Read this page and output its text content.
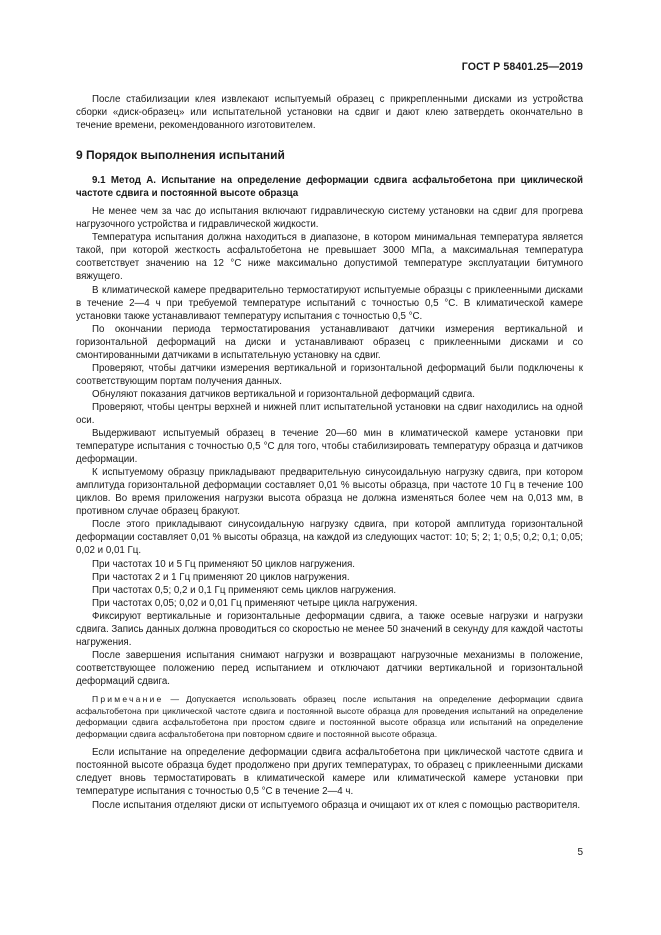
ГОСТ Р 58401.25—2019

После стабилизации клея извлекают испытуемый образец с прикрепленными дисками из устройства сборки «диск-образец» или испытательной установки на сдвиг и дают клею затвердеть окончательно в течение времени, рекомендованного изготовителем.

9 Порядок выполнения испытаний
9.1 Метод А. Испытание на определение деформации сдвига асфальтобетона при циклической частоте сдвига и постоянной высоте образца

Не менее чем за час до испытания включают гидравлическую систему установки на сдвиг для прогрева нагрузочного устройства и гидравлической жидкости.

Температура испытания должна находиться в диапазоне, в котором минимальная температура является такой, при которой жесткость асфальтобетона не превышает 3000 МПа, а максимальная температура соответствует значению на 12 °С ниже максимально допустимой температуре эксплуатации битумного вяжущего.

В климатической камере предварительно термостатируют испытуемые образцы с приклеенными дисками в течение 2—4 ч при требуемой температуре испытаний с точностью 0,5 °С. В климатической камере установки также устанавливают температуру испытания с точностью 0,5 °С.

По окончании периода термостатирования устанавливают датчики измерения вертикальной и горизонтальной деформаций на диски и устанавливают образец с приклеенными дисками и со смонтированными датчиками в испытательную установку на сдвиг.

Проверяют, чтобы датчики измерения вертикальной и горизонтальной деформаций были подключены к соответствующим портам получения данных.

Обнуляют показания датчиков вертикальной и горизонтальной деформаций сдвига.

Проверяют, чтобы центры верхней и нижней плит испытательной установки на сдвиг находились на одной оси.

Выдерживают испытуемый образец в течение 20—60 мин в климатической камере установки при температуре испытания с точностью 0,5 °С для того, чтобы стабилизировать температуру образца и датчиков деформации.

К испытуемому образцу прикладывают предварительную синусоидальную нагрузку сдвига, при котором амплитуда горизонтальной деформации составляет 0,01 % высоты образца, при частоте 10 Гц в течение 100 циклов. Во время приложения нагрузки высота образца не должна изменяться более чем на 0,013 мм, в противном случае образец бракуют.

После этого прикладывают синусоидальную нагрузку сдвига, при которой амплитуда горизонтальной деформации составляет 0,01 % высоты образца, на каждой из следующих частот: 10; 5; 2; 1; 0,5; 0,2; 0,1; 0,05; 0,02 и 0,01 Гц.

При частотах 10 и 5 Гц применяют 50 циклов нагружения.

При частотах 2 и 1 Гц применяют 20 циклов нагружения.

При частотах 0,5; 0,2 и 0,1 Гц применяют семь циклов нагружения.

При частотах 0,05; 0,02 и 0,01 Гц применяют четыре цикла нагружения.

Фиксируют вертикальные и горизонтальные деформации сдвига, а также осевые нагрузки и нагрузки сдвига. Запись данных должна проводиться со скоростью не менее 50 значений в секунду для каждой частоты нагружения.

После завершения испытания снимают нагрузки и возвращают нагрузочные механизмы в положение, соответствующее положению перед испытанием и отключают датчики вертикальной и горизонтальной деформаций сдвига.

Примечание — Допускается использовать образец после испытания на определение деформации сдвига асфальтобетона при циклической частоте сдвига и постоянной высоте образца для проведения испытаний на определение деформации сдвига асфальтобетона при простом сдвиге и постоянной высоте образца или испытаний на определение деформации сдвига асфальтобетона при повторном сдвиге и постоянной высоте образца.

Если испытание на определение деформации сдвига асфальтобетона при циклической частоте сдвига и постоянной высоте образца будет продолжено при других температурах, то образец с приклеенными дисками следует вновь термостатировать в климатической камере или климатической камере установки при температуре испытания с точностью 0,5 °С в течение 2—4 ч.

После испытания отделяют диски от испытуемого образца и очищают их от клея с помощью растворителя.

5
